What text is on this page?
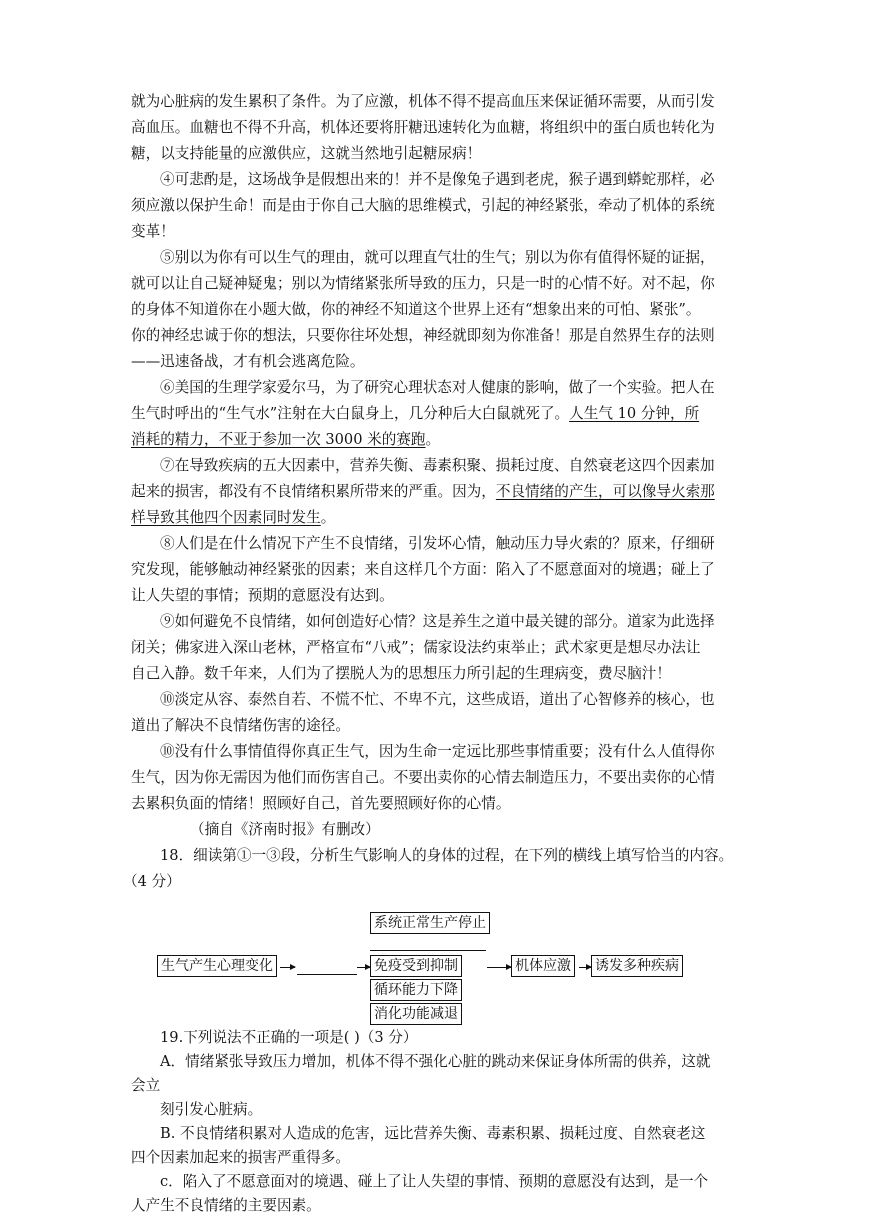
就为心脏病的发生累积了条件。为了应激，机体不得不提高血压来保证循环需要，从而引发
高血压。血糖也不得不升高，机体还要将肝糖迅速转化为血糖，将组织中的蛋白质也转化为
糖，以支持能量的应激供应，这就当然地引起糖尿病！
④可悲酌是，这场战争是假想出来的！并不是像兔子遇到老虎，猴子遇到蟒蛇那样，必
须应激以保护生命！而是由于你自己大脑的思维模式，引起的神经紧张，牵动了机体的系统
变革！
⑤别以为你有可以生气的理由，就可以理直气壮的生气；别以为你有值得怀疑的证据，
就可以让自己疑神疑鬼；别以为情绪紧张所导致的压力，只是一时的心情不好。对不起，你
的身体不知道你在小题大做，你的神经不知道这个世界上还有“想象出来的可怕、紧张”。
你的神经忠诚于你的想法，只要你往坏处想，神经就即刻为你准备！那是自然界生存的法则
——迅速备战，才有机会逃离危险。
⑥美国的生理学家爱尔马，为了研究心理状态对人健康的影响，做了一个实验。把人在
生气时呼出的“生气水”注射在大白鼠身上，几分种后大白鼠就死了。人生气 10 分钟，所
消耗的精力，不亚于参加一次 3000 米的赛跑。
⑦在导致疾病的五大因素中，营养失衡、毒素积聚、损耗过度、自然衰老这四个因素加
起来的损害，都没有不良情绪积累所带来的严重。因为，不良情绪的产生，可以像导火索那
样导致其他四个因素同时发生。
⑧人们是在什么情况下产生不良情绪，引发坏心情，触动压力导火索的？原来，仔细研
究发现，能够触动神经紧张的因素；来自这样几个方面：陷入了不愿意面对的境遇；碰上了
让人失望的事情；预期的意愿没有达到。
⑨如何避免不良情绪，如何创造好心情？这是养生之道中最关键的部分。道家为此选择
闭关；佛家进入深山老林，严格宣布“八戒”；儒家设法约束举止；武术家更是想尽办法让
自己入静。数千年来，人们为了摆脱人为的思想压力所引起的生理病变，费尽脑汁！
⑩淡定从容、泰然自若、不慌不忙、不卑不亢，这些成语，道出了心智修养的核心，也
道出了解决不良情绪伤害的途径。
⑩没有什么事情值得你真正生气，因为生命一定远比那些事情重要；没有什么人值得你
生气，因为你无需因为他们而伤害自己。不要出卖你的心情去制造压力，不要出卖你的心情
去累积负面的情绪！照顾好自己，首先要照顾好你的心情。
（摘自《济南时报》有删改）
18．细读第①一③段，分析生气影响人的身体的过程，在下列的横线上填写恰当的内容。
（4 分）
系统正常生产停止
生气产生心理变化	免疫受到抑制	机体应激 诱发多种疾病
循环能力下降
消化功能减退
19.下列说法不正确的一项是( )（3 分）
A．情绪紧张导致压力增加，机体不得不强化心脏的跳动来保证身体所需的供养，这就
会立
刻引发心脏病。
B. 不良情绪积累对人造成的危害，远比营养失衡、毒素积累、损耗过度、自然衰老这
四个因素加起来的损害严重得多。
c．陷入了不愿意面对的境遇、碰上了让人失望的事情、预期的意愿没有达到，是一个
人产生不良情绪的主要因素。
